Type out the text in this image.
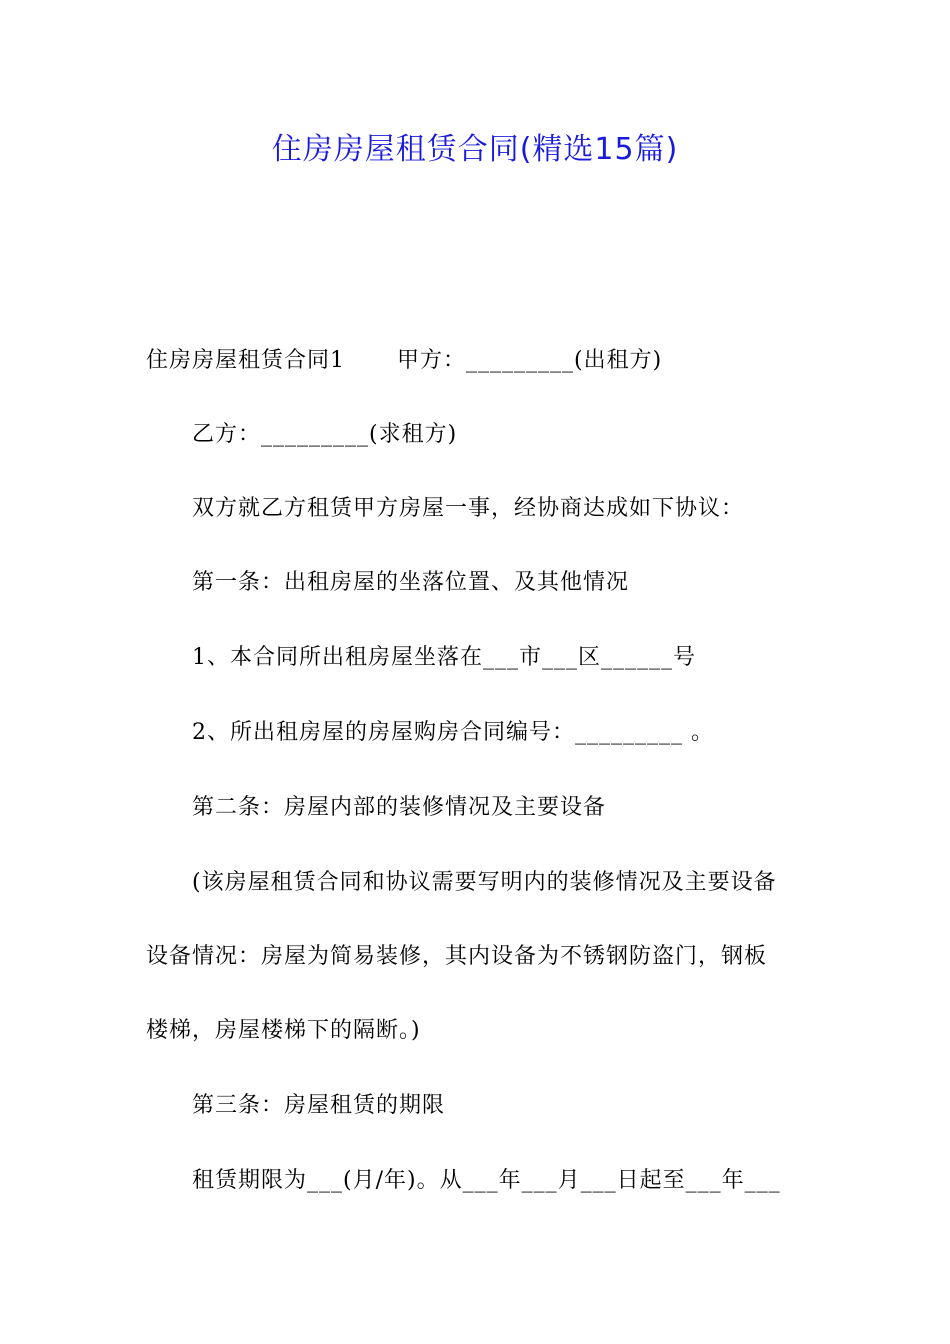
住房房屋租赁合同(精选15篇)
住房房屋租赁合同1 甲方：_________(出租方)
乙方：_________(求租方)
双方就乙方租赁甲方房屋一事，经协商达成如下协议：
第一条：出租房屋的坐落位置、及其他情况
1、本合同所出租房屋坐落在___市___区______号
2、所出租房屋的房屋购房合同编号：_________ 。
第二条：房屋内部的装修情况及主要设备
(该房屋租赁合同和协议需要写明内的装修情况及主要设备
设备情况：房屋为简易装修，其内设备为不锈钢防盗门，钢板
楼梯，房屋楼梯下的隔断。)
第三条：房屋租赁的期限
租赁期限为___(月/年)。从___年___月___日起至___年___
